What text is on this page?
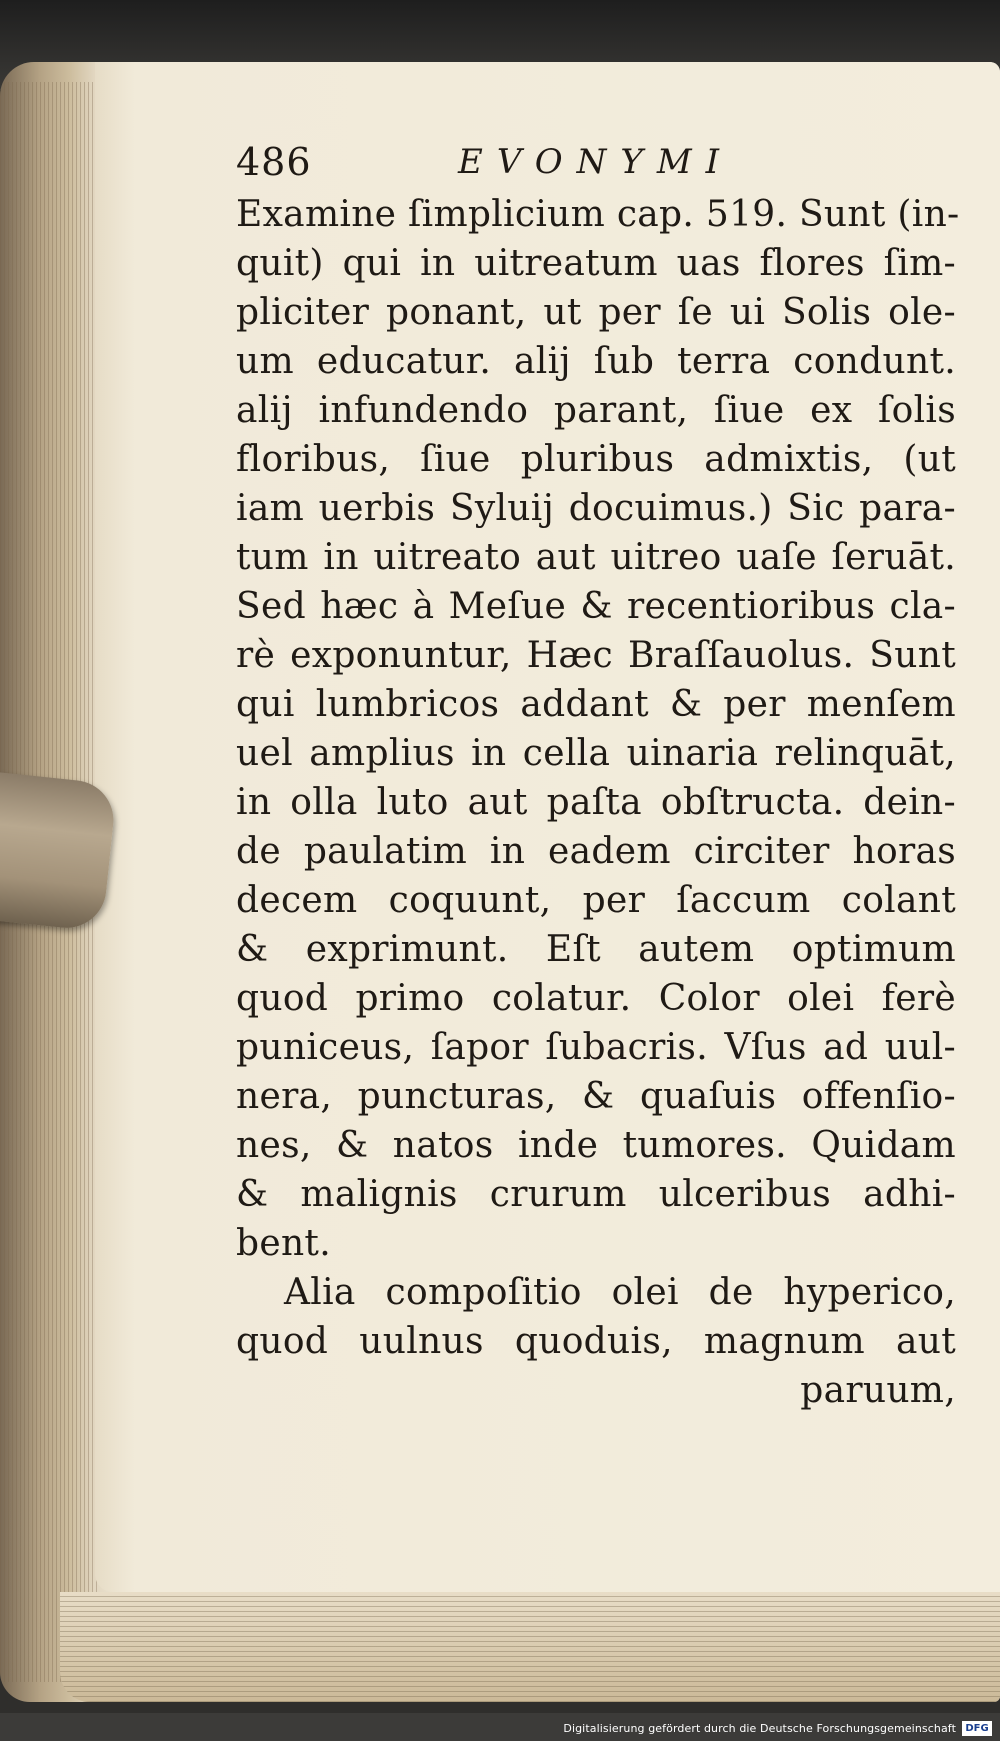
486	EVONYMI
Examine ſimplicium cap. 519. Sunt (in-
quit) qui in uitreatum uas flores ſim-
pliciter ponant, ut per ſe ui Solis ole-
um educatur. alij ſub terra condunt.
alij infundendo parant, ſiue ex ſolis
floribus, ſiue pluribus admixtis, (ut
iam uerbis Syluij docuimus.) Sic para-
tum in uitreato aut uitreo uaſe ſeruāt.
Sed hæc à Meſue & recentioribus cla-
rè exponuntur, Hæc Braſſauolus. Sunt
qui lumbricos addant & per menſem
uel amplius in cella uinaria relinquāt,
in olla luto aut paſta obſtructa. dein-
de paulatim in eadem circiter horas
decem coquunt, per ſaccum colant
& exprimunt. Eſt autem optimum
quod primo colatur. Color olei ferè
puniceus, ſapor ſubacris. Vſus ad uul-
nera, puncturas, & quaſuis offenſio-
nes, & natos inde tumores. Quidam
& malignis crurum ulceribus adhi-
bent.
Alia compoſitio olei de hyperico,
quod uulnus quoduis, magnum aut
paruum,
Digitalisierung gefördert durch die Deutsche Forschungsgemeinschaft DFG
